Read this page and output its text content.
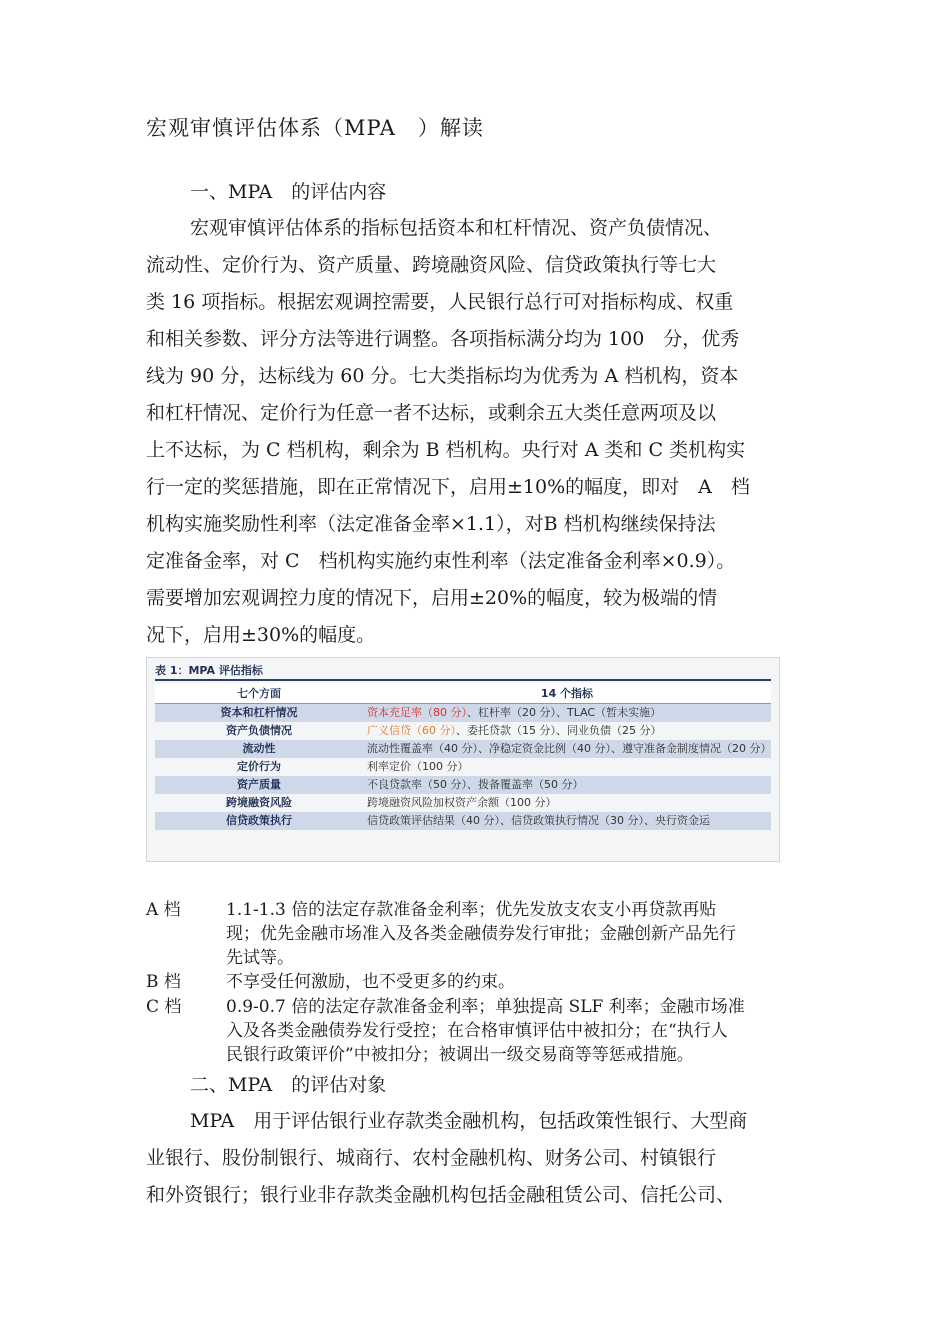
宏观审慎评估体系（MPA　）解读
一、MPA　的评估内容
宏观审慎评估体系的指标包括资本和杠杆情况、资产负债情况、
流动性、定价行为、资产质量、跨境融资风险、信贷政策执行等七大
类 16 项指标。根据宏观调控需要，人民银行总行可对指标构成、权重
和相关参数、评分方法等进行调整。各项指标满分均为 100　分，优秀
线为 90 分，达标线为 60 分。七大类指标均为优秀为 A 档机构，资本
和杠杆情况、定价行为任意一者不达标，或剩余五大类任意两项及以
上不达标，为 C 档机构，剩余为 B 档机构。央行对 A 类和 C 类机构实
行一定的奖惩措施，即在正常情况下，启用±10%的幅度，即对　A　档
机构实施奖励性利率（法定准备金率×1.1），对B 档机构继续保持法
定准备金率，对 C　档机构实施约束性利率（法定准备金利率×0.9）。
需要增加宏观调控力度的情况下，启用±20%的幅度，较为极端的情
况下，启用±30%的幅度。
表 1：MPA 评估指标
七个方面	14 个指标
资本和杠杆情况	资本充足率（80 分）、杠杆率（20 分）、TLAC（暂未实施）
资产负债情况	广义信贷（60 分）、委托贷款（15 分）、同业负债（25 分）
流动性	流动性覆盖率（40 分）、净稳定资金比例（40 分）、遵守准备金制度情况（20 分）
定价行为	利率定价（100 分）
资产质量	不良贷款率（50 分）、拨备覆盖率（50 分）
跨境融资风险	跨境融资风险加权资产余额（100 分）
信贷政策执行	信贷政策评估结果（40 分）、信贷政策执行情况（30 分）、央行资金运
A 档	1.1-1.3 倍的法定存款准备金利率；优先发放支农支小再贷款再贴
现；优先金融市场准入及各类金融债券发行审批；金融创新产品先行
先试等。
B 档	不享受任何激励，也不受更多的约束。
C 档	0.9-0.7 倍的法定存款准备金利率；单独提高 SLF 利率；金融市场准
入及各类金融债券发行受控；在合格审慎评估中被扣分；在“执行人
民银行政策评价”中被扣分；被调出一级交易商等等惩戒措施。
二、MPA　的评估对象
MPA　用于评估银行业存款类金融机构，包括政策性银行、大型商
业银行、股份制银行、城商行、农村金融机构、财务公司、村镇银行
和外资银行；银行业非存款类金融机构包括金融租赁公司、信托公司、
